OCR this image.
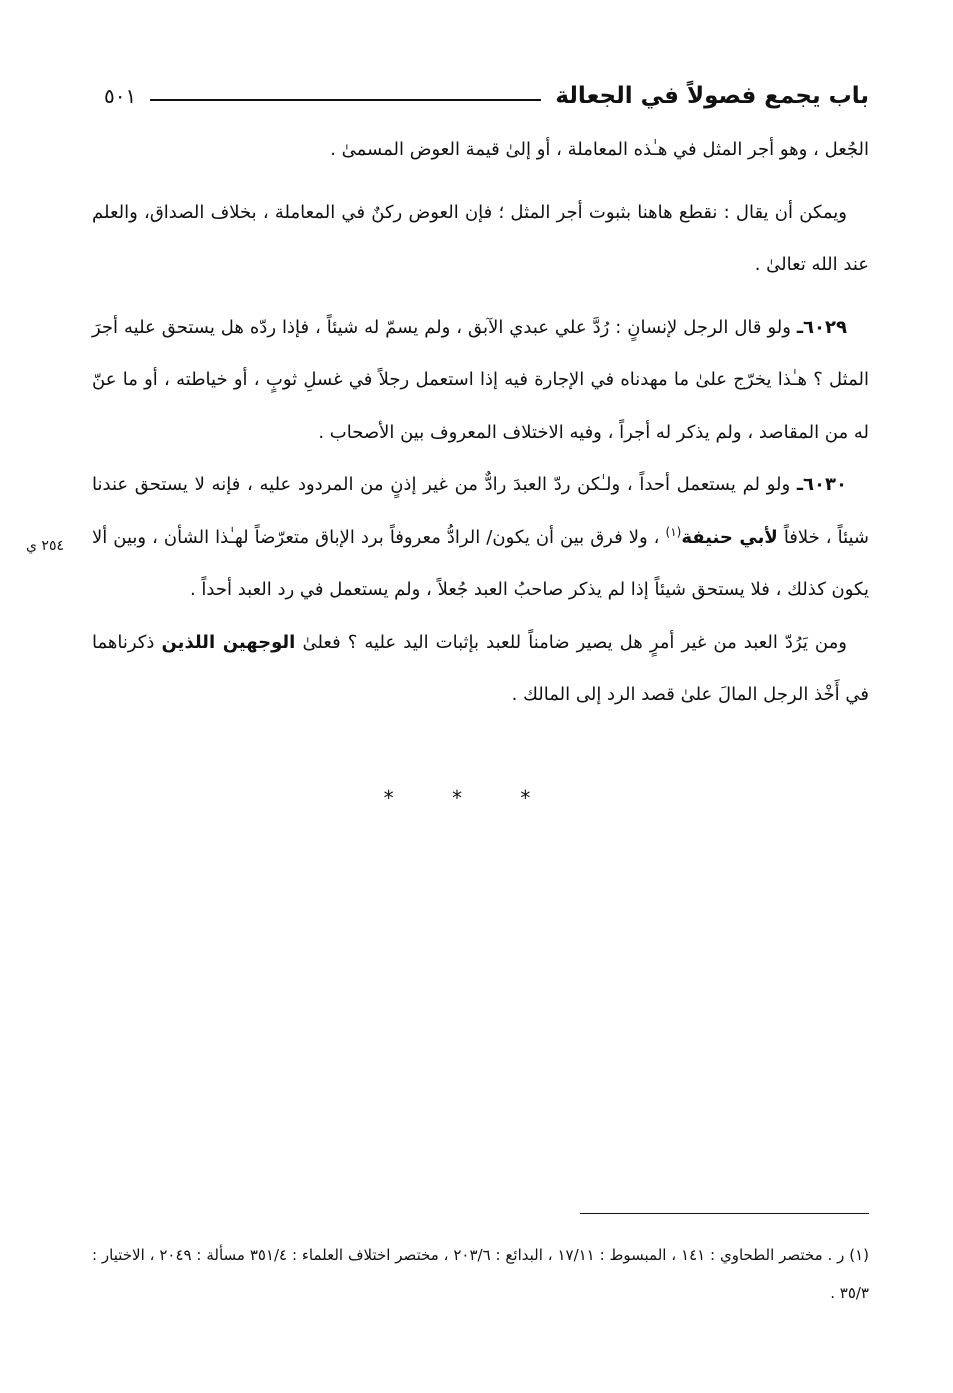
باب يجمع فصولاً في الجعالة
٥٠١

الجُعل ، وهو أجر المثل في هـٰذه المعاملة ، أو إلىٰ قيمة العوض المسمىٰ .

ويمكن أن يقال : نقطع هاهنا بثبوت أجر المثل ؛ فإن العوض ركنٌ في المعاملة ، بخلاف الصداق، والعلم عند الله تعالىٰ .

٦٠٢٩ـ ولو قال الرجل لإنسانٍ : رُدَّ علي عبدي الآبق ، ولم يسمّ له شيئاً ، فإذا ردّه هل يستحق عليه أجرَ المثل ؟ هـٰذا يخرّج علىٰ ما مهدناه في الإجارة فيه إذا استعمل رجلاً في غسلِ ثوبٍ ، أو خياطته ، أو ما عنّ له من المقاصد ، ولم يذكر له أجراً ، وفيه الاختلاف المعروف بين الأصحاب .

٦٠٣٠ـ ولو لم يستعمل أحداً ، ولـٰكن ردّ العبدَ رادٌّ من غير إذنٍ من المردود عليه ، فإنه لا يستحق عندنا شيئاً ، خلافاً لأبي حنيفة$^{(١)}$ ، ولا فرق بين أن يكون/ الرادُّ معروفاً برد الإباق متعرّضاً لهـٰذا الشأن ، وبين ألا يكون كذلك ، فلا يستحق شيئاً إذا لم يذكر صاحبُ العبد جُعلاً ، ولم يستعمل في رد العبد أحداً .

ومن يَرُدّ العبد من غير أمرٍ هل يصير ضامناً للعبد بإثبات اليد عليه ؟ فعلىٰ الوجهين اللذين ذكرناهما في أَخْذ الرجل المالَ علىٰ قصد الرد إلى المالك .

٢٥٤ ي
* * *

(١) ر . مختصر الطحاوي : ١٤١ ، المبسوط : ١٧/١١ ، البدائع : ٢٠٣/٦ ، مختصر اختلاف العلماء : ٣٥١/٤ مسألة : ٢٠٤٩ ، الاختيار : ٣٥/٣ .
